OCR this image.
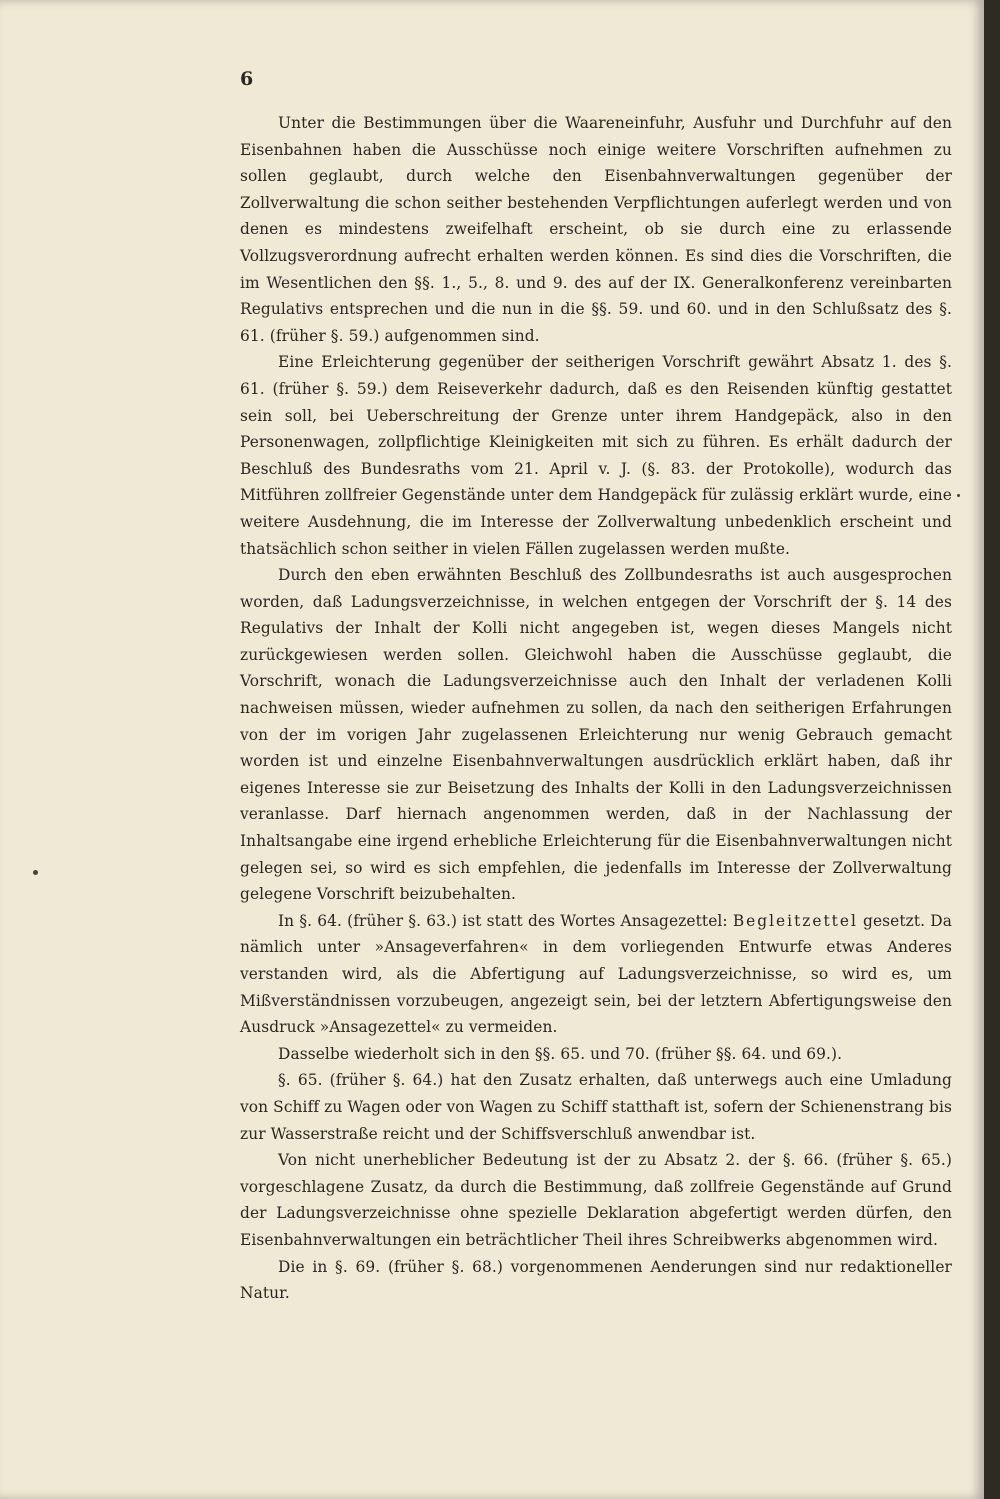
6

Unter die Bestimmungen über die Waareneinfuhr, Ausfuhr und Durchfuhr auf den Eisenbahnen haben die Ausschüsse noch einige weitere Vorschriften aufnehmen zu sollen geglaubt, durch welche den Eisenbahnverwaltungen gegenüber der Zollverwaltung die schon seither bestehenden Verpflichtungen auferlegt werden und von denen es mindestens zweifelhaft erscheint, ob sie durch eine zu erlassende Vollzugsverordnung aufrecht erhalten werden können. Es sind dies die Vorschriften, die im Wesentlichen den §§. 1., 5., 8. und 9. des auf der IX. Generalkonferenz vereinbarten Regulativs entsprechen und die nun in die §§. 59. und 60. und in den Schlußsatz des §. 61. (früher §. 59.) aufgenommen sind.

Eine Erleichterung gegenüber der seitherigen Vorschrift gewährt Absatz 1. des §. 61. (früher §. 59.) dem Reiseverkehr dadurch, daß es den Reisenden künftig gestattet sein soll, bei Ueberschreitung der Grenze unter ihrem Handgepäck, also in den Personenwagen, zollpflichtige Kleinigkeiten mit sich zu führen. Es erhält dadurch der Beschluß des Bundesraths vom 21. April v. J. (§. 83. der Protokolle), wodurch das Mitführen zollfreier Gegenstände unter dem Handgepäck für zulässig erklärt wurde, eine weitere Ausdehnung, die im Interesse der Zollverwaltung unbedenklich erscheint und thatsächlich schon seither in vielen Fällen zugelassen werden mußte.

Durch den eben erwähnten Beschluß des Zollbundesraths ist auch ausgesprochen worden, daß Ladungsverzeichnisse, in welchen entgegen der Vorschrift der §. 14 des Regulativs der Inhalt der Kolli nicht angegeben ist, wegen dieses Mangels nicht zurückgewiesen werden sollen. Gleichwohl haben die Ausschüsse geglaubt, die Vorschrift, wonach die Ladungsverzeichnisse auch den Inhalt der verladenen Kolli nachweisen müssen, wieder aufnehmen zu sollen, da nach den seitherigen Erfahrungen von der im vorigen Jahr zugelassenen Erleichterung nur wenig Gebrauch gemacht worden ist und einzelne Eisenbahnverwaltungen ausdrücklich erklärt haben, daß ihr eigenes Interesse sie zur Beisetzung des Inhalts der Kolli in den Ladungsverzeichnissen veranlasse. Darf hiernach angenommen werden, daß in der Nachlassung der Inhaltsangabe eine irgend erhebliche Erleichterung für die Eisenbahnverwaltungen nicht gelegen sei, so wird es sich empfehlen, die jedenfalls im Interesse der Zollverwaltung gelegene Vorschrift beizubehalten.

In §. 64. (früher §. 63.) ist statt des Wortes Ansagezettel: Begleitzettel gesetzt. Da nämlich unter »Ansageverfahren« in dem vorliegenden Entwurfe etwas Anderes verstanden wird, als die Abfertigung auf Ladungsverzeichnisse, so wird es, um Mißverständnissen vorzubeugen, angezeigt sein, bei der letztern Abfertigungsweise den Ausdruck »Ansagezettel« zu vermeiden.

Dasselbe wiederholt sich in den §§. 65. und 70. (früher §§. 64. und 69.).

§. 65. (früher §. 64.) hat den Zusatz erhalten, daß unterwegs auch eine Umladung von Schiff zu Wagen oder von Wagen zu Schiff statthaft ist, sofern der Schienenstrang bis zur Wasserstraße reicht und der Schiffsverschluß anwendbar ist.

Von nicht unerheblicher Bedeutung ist der zu Absatz 2. der §. 66. (früher §. 65.) vorgeschlagene Zusatz, da durch die Bestimmung, daß zollfreie Gegenstände auf Grund der Ladungsverzeichnisse ohne spezielle Deklaration abgefertigt werden dürfen, den Eisenbahnverwaltungen ein beträchtlicher Theil ihres Schreibwerks abgenommen wird.

Die in §. 69. (früher §. 68.) vorgenommenen Aenderungen sind nur redaktioneller Natur.
